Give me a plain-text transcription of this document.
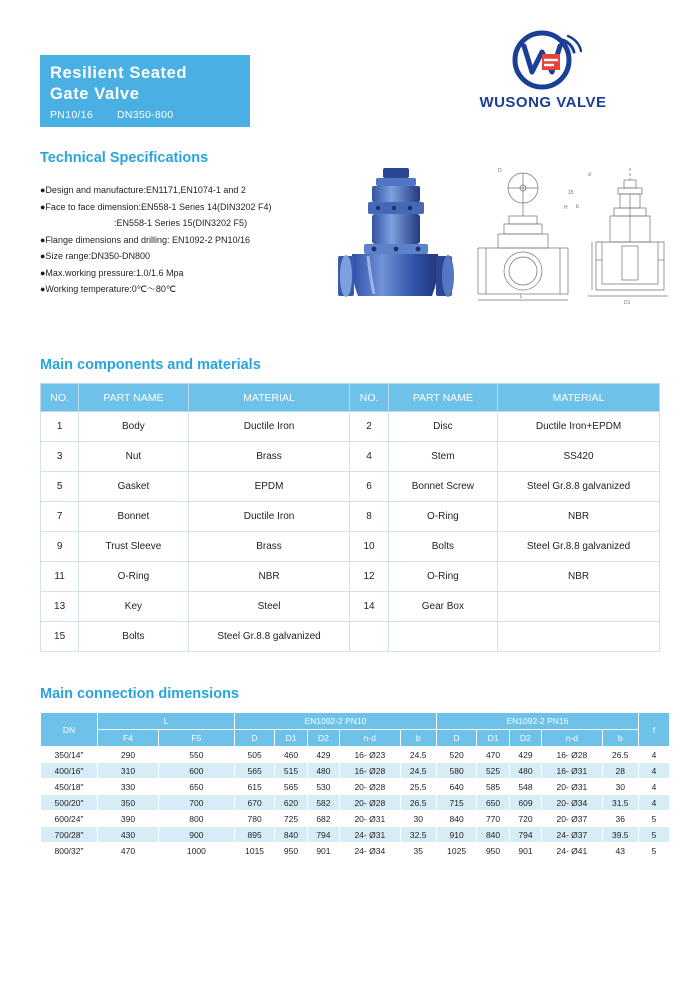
Resilient Seated
Gate Valve
PN10/16 DN350-800
WUSONG VALVE
Technical Specifications
●Design and manufacture:EN1171,EN1074-1 and 2
●Face to face dimension:EN558-1 Series 14(DIN3202 F4)
:EN558-1 Series 15(DIN3202 F5)
●Flange dimensions and drilling: EN1092-2 PN10/16
●Size range:DN350-DN800
●Max.working pressure:1.0/1.6 Mpa
●Working temperature:0℃～80℃
L
D
H
D1
d
15
b
Main components and materials
NO.	PART NAME	MATERIAL	NO.	PART NAME	MATERIAL
1	Body	Ductile Iron	2	Disc	Ductile Iron+EPDM
3	Nut	Brass	4	Stem	SS420
5	Gasket	EPDM	6	Bonnet Screw	Steel Gr.8.8 galvanized
7	Bonnet	Ductile Iron	8	O-Ring	NBR
9	Trust Sleeve	Brass	10	Bolts	Steel Gr.8.8 galvanized
11	O-Ring	NBR	12	O-Ring	NBR
13	Key	Steel	14	Gear Box	
15	Bolts	Steel Gr.8.8 galvanized			
Main connection dimensions
DN	L		EN1092-2 PN10					EN1092-2 PN16					f
	F4	F5	D	D1	D2	n-d	b	D	D1	D2	n-d	b	
350/14"	290	550	505	460	429	16- Ø23	24.5	520	470	429	16- Ø28	26.5	4
400/16"	310	600	565	515	480	16- Ø28	24.5	580	525	480	16- Ø31	28	4
450/18"	330	650	615	565	530	20- Ø28	25.5	640	585	548	20- Ø31	30	4
500/20"	350	700	670	620	582	20- Ø28	26.5	715	650	609	20- Ø34	31.5	4
600/24"	390	800	780	725	682	20- Ø31	30	840	770	720	20- Ø37	36	5
700/28"	430	900	895	840	794	24- Ø31	32.5	910	840	794	24- Ø37	39.5	5
800/32"	470	1000	1015	950	901	24- Ø34	35	1025	950	901	24- Ø41	43	5
